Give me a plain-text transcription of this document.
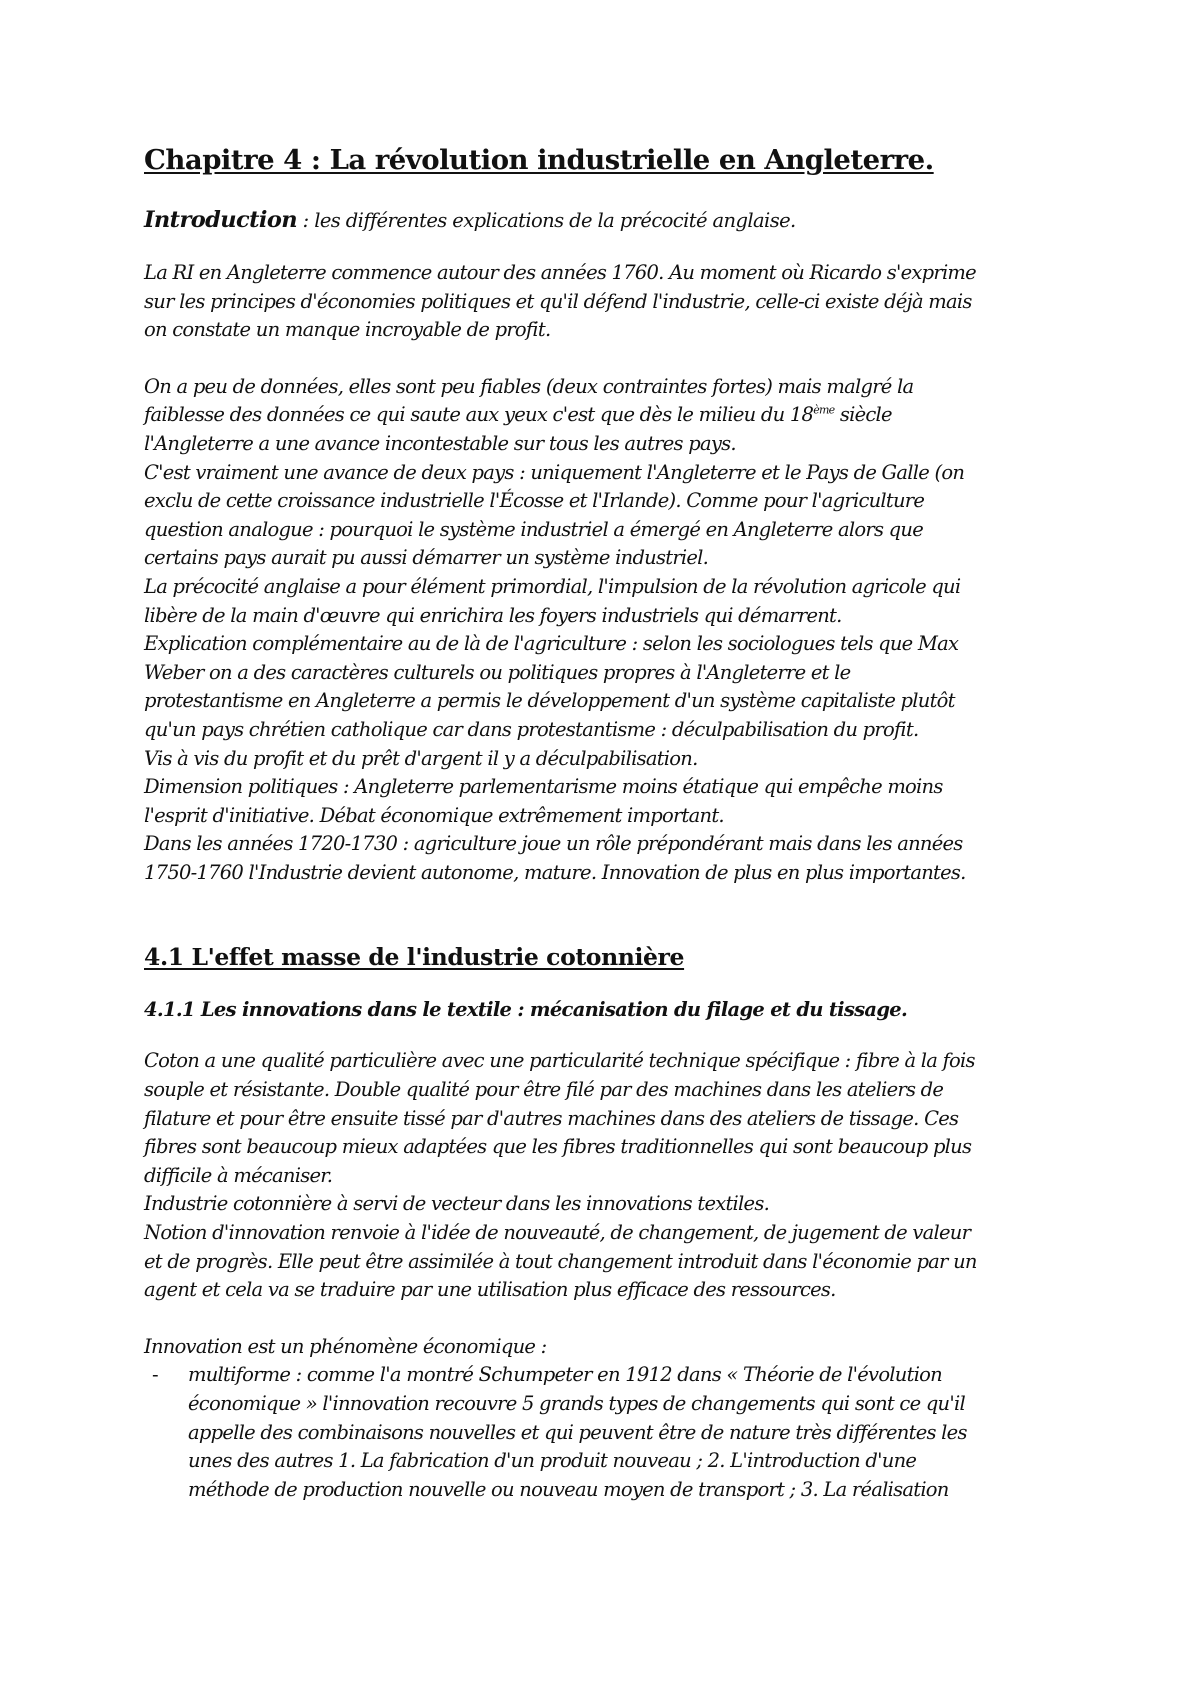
Chapitre 4 : La révolution industrielle en Angleterre.
Introduction : les différentes explications de la précocité anglaise.

La RI en Angleterre commence autour des années 1760. Au moment où Ricardo s'exprime
sur les principes d'économies politiques et qu'il défend l'industrie, celle-ci existe déjà mais
on constate un manque incroyable de profit.

On a peu de données, elles sont peu fiables (deux contraintes fortes) mais malgré la
faiblesse des données ce qui saute aux yeux c'est que dès le milieu du 18ème siècle
l'Angleterre a une avance incontestable sur tous les autres pays.
C'est vraiment une avance de deux pays : uniquement l'Angleterre et le Pays de Galle (on
exclu de cette croissance industrielle l'Écosse et l'Irlande). Comme pour l'agriculture
question analogue : pourquoi le système industriel a émergé en Angleterre alors que
certains pays aurait pu aussi démarrer un système industriel.
La précocité anglaise a pour élément primordial, l'impulsion de la révolution agricole qui
libère de la main d'œuvre qui enrichira les foyers industriels qui démarrent.
Explication complémentaire au de là de l'agriculture : selon les sociologues tels que Max
Weber on a des caractères culturels ou politiques propres à l'Angleterre et le
protestantisme en Angleterre a permis le développement d'un système capitaliste plutôt
qu'un pays chrétien catholique car dans protestantisme : déculpabilisation du profit.
Vis à vis du profit et du prêt d'argent il y a déculpabilisation.
Dimension politiques : Angleterre parlementarisme moins étatique qui empêche moins
l'esprit d'initiative. Débat économique extrêmement important.
Dans les années 1720-1730 : agriculture joue un rôle prépondérant mais dans les années
1750-1760 l'Industrie devient autonome, mature. Innovation de plus en plus importantes.

4.1 L'effet masse de l'industrie cotonnière
4.1.1 Les innovations dans le textile : mécanisation du filage et du tissage.

Coton a une qualité particulière avec une particularité technique spécifique : fibre à la fois
souple et résistante. Double qualité pour être filé par des machines dans les ateliers de
filature et pour être ensuite tissé par d'autres machines dans des ateliers de tissage. Ces
fibres sont beaucoup mieux adaptées que les fibres traditionnelles qui sont beaucoup plus
difficile à mécaniser.
Industrie cotonnière à servi de vecteur dans les innovations textiles.
Notion d'innovation renvoie à l'idée de nouveauté, de changement, de jugement de valeur
et de progrès. Elle peut être assimilée à tout changement introduit dans l'économie par un
agent et cela va se traduire par une utilisation plus efficace des ressources.

Innovation est un phénomène économique :

- multiforme : comme l'a montré Schumpeter en 1912 dans « Théorie de l'évolution
économique » l'innovation recouvre 5 grands types de changements qui sont ce qu'il
appelle des combinaisons nouvelles et qui peuvent être de nature très différentes les
unes des autres 1. La fabrication d'un produit nouveau ; 2. L'introduction d'une
méthode de production nouvelle ou nouveau moyen de transport ; 3. La réalisation
